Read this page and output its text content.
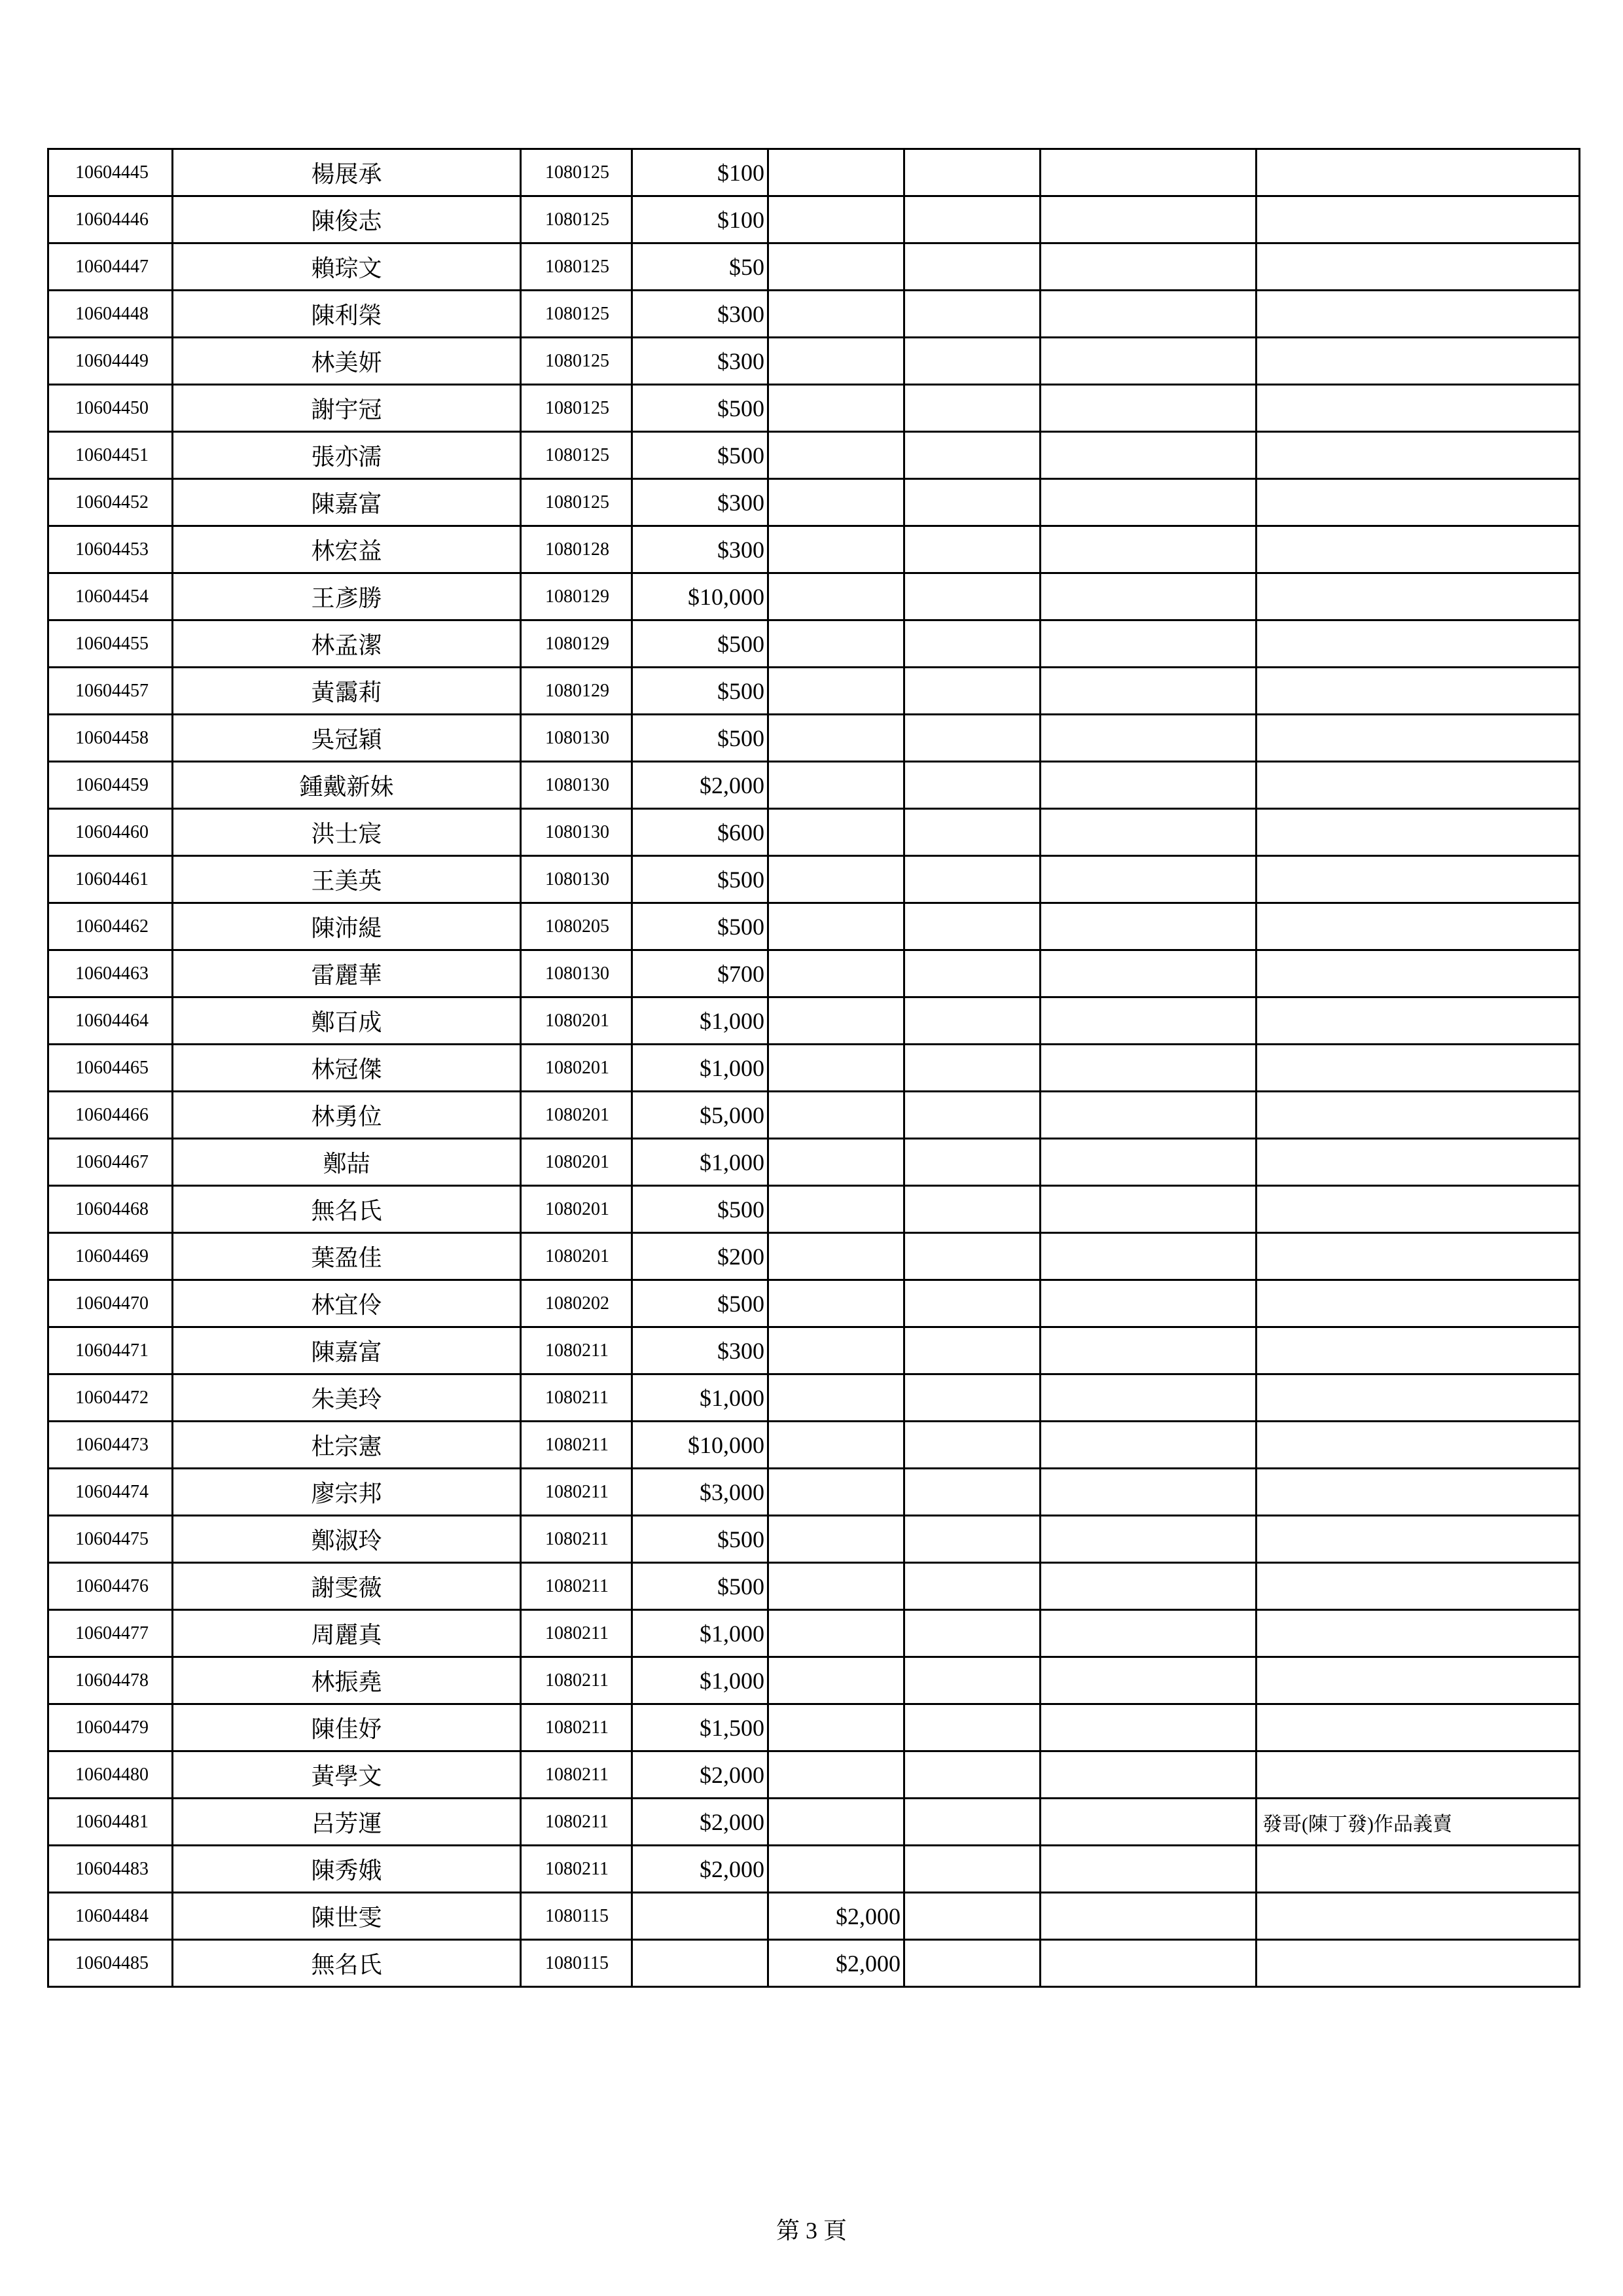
10604445	楊展承	1080125	$100				
10604446	陳俊志	1080125	$100				
10604447	賴琮文	1080125	$50				
10604448	陳利榮	1080125	$300				
10604449	林美妍	1080125	$300				
10604450	謝宇冠	1080125	$500				
10604451	張亦濡	1080125	$500				
10604452	陳嘉富	1080125	$300				
10604453	林宏益	1080128	$300				
10604454	王彥勝	1080129	$10,000				
10604455	林孟潔	1080129	$500				
10604457	黃靄莉	1080129	$500				
10604458	吳冠穎	1080130	$500				
10604459	鍾戴新妹	1080130	$2,000				
10604460	洪士宸	1080130	$600				
10604461	王美英	1080130	$500				
10604462	陳沛緹	1080205	$500				
10604463	雷麗華	1080130	$700				
10604464	鄭百成	1080201	$1,000				
10604465	林冠傑	1080201	$1,000				
10604466	林勇位	1080201	$5,000				
10604467	鄭喆	1080201	$1,000				
10604468	無名氏	1080201	$500				
10604469	葉盈佳	1080201	$200				
10604470	林宜伶	1080202	$500				
10604471	陳嘉富	1080211	$300				
10604472	朱美玲	1080211	$1,000				
10604473	杜宗憲	1080211	$10,000				
10604474	廖宗邦	1080211	$3,000				
10604475	鄭淑玲	1080211	$500				
10604476	謝雯薇	1080211	$500				
10604477	周麗真	1080211	$1,000				
10604478	林振堯	1080211	$1,000				
10604479	陳佳妤	1080211	$1,500				
10604480	黃學文	1080211	$2,000				
10604481	呂芳運	1080211	$2,000				發哥(陳丁發)作品義賣
10604483	陳秀娥	1080211	$2,000				
10604484	陳世雯	1080115		$2,000			
10604485	無名氏	1080115		$2,000			
第 3 頁
